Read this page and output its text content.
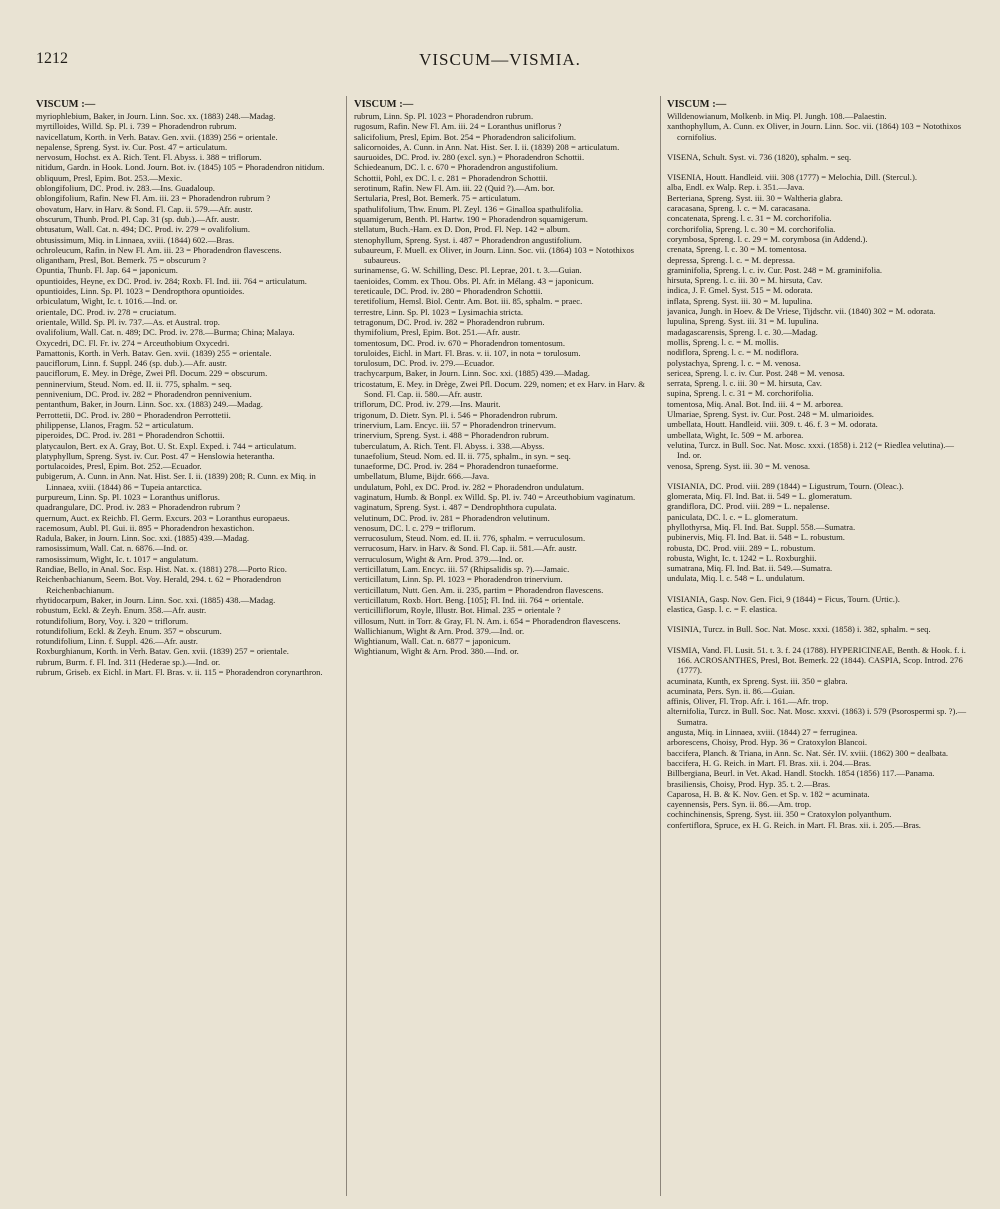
1212	VISCUM—VISMIA.
VISCUM :—

myriophlebium, Baker, in Journ. Linn. Soc. xx. (1883) 248.—Madag.

myrtilloides, Willd. Sp. Pl. i. 739 = Phoradendron rubrum.

navicellatum, Korth. in Verh. Batav. Gen. xvii. (1839) 256 = orientale.

nepalense, Spreng. Syst. iv. Cur. Post. 47 = articulatum.

nervosum, Hochst. ex A. Rich. Tent. Fl. Abyss. i. 388 = triflorum.

nitidum, Gardn. in Hook. Lond. Journ. Bot. iv. (1845) 105 = Phoradendron nitidum.

obliquum, Presl, Epim. Bot. 253.—Mexic.

oblongifolium, DC. Prod. iv. 283.—Ins. Guadaloup.

oblongifolium, Rafin. New Fl. Am. iii. 23 = Phoradendron rubrum ?

obovatum, Harv. in Harv. & Sond. Fl. Cap. ii. 579.—Afr. austr.

obscurum, Thunb. Prod. Pl. Cap. 31 (sp. dub.).—Afr. austr.

obtusatum, Wall. Cat. n. 494; DC. Prod. iv. 279 = ovalifolium.

obtusissimum, Miq. in Linnaea, xviii. (1844) 602.—Bras.

ochroleucum, Rafin. in New Fl. Am. iii. 23 = Phoradendron flavescens.

oligantham, Presl, Bot. Bemerk. 75 = obscurum ?

Opuntia, Thunb. Fl. Jap. 64 = japonicum.

opuntioides, Heyne, ex DC. Prod. iv. 284; Roxb. Fl. Ind. iii. 764 = articulatum.

opuntioides, Linn. Sp. Pl. 1023 = Dendropthora opuntioides.

orbiculatum, Wight, Ic. t. 1016.—Ind. or.

orientale, DC. Prod. iv. 278 = cruciatum.

orientale, Willd. Sp. Pl. iv. 737.—As. et Austral. trop.

ovalifolium, Wall. Cat. n. 489; DC. Prod. iv. 278.—Burma; China; Malaya.

Oxycedri, DC. Fl. Fr. iv. 274 = Arceuthobium Oxycedri.

Pamattonis, Korth. in Verh. Batav. Gen. xvii. (1839) 255 = orientale.

pauciflorum, Linn. f. Suppl. 246 (sp. dub.).—Afr. austr.

pauciflorum, E. Mey. in Drège, Zwei Pfl. Docum. 229 = obscurum.

penninervium, Steud. Nom. ed. II. ii. 775, sphalm. = seq.

pennivenium, DC. Prod. iv. 282 = Phoradendron pennivenium.

pentanthum, Baker, in Journ. Linn. Soc. xx. (1883) 249.—Madag.

Perrottetii, DC. Prod. iv. 280 = Phoradendron Perrottetii.

philippense, Llanos, Fragm. 52 = articulatum.

piperoides, DC. Prod. iv. 281 = Phoradendron Schottii.

platycaulon, Bert. ex A. Gray, Bot. U. St. Expl. Exped. i. 744 = articulatum.

platyphyllum, Spreng. Syst. iv. Cur. Post. 47 = Henslowia heterantha.

portulacoides, Presl, Epim. Bot. 252.—Ecuador.

pubigerum, A. Cunn. in Ann. Nat. Hist. Ser. I. ii. (1839) 208; R. Cunn. ex Miq. in Linnaea, xviii. (1844) 86 = Tupeia antarctica.

purpureum, Linn. Sp. Pl. 1023 = Loranthus uniflorus.

quadrangulare, DC. Prod. iv. 283 = Phoradendron rubrum ?

quernum, Auct. ex Reichb. Fl. Germ. Excurs. 203 = Loranthus europaeus.

racemosum, Aubl. Pl. Gui. ii. 895 = Phoradendron hexastichon.

Radula, Baker, in Journ. Linn. Soc. xxi. (1885) 439.—Madag.

ramosissimum, Wall. Cat. n. 6876.—Ind. or.

ramosissimum, Wight, Ic. t. 1017 = angulatum.

Randiae, Bello, in Anal. Soc. Esp. Hist. Nat. x. (1881) 278.—Porto Rico.

Reichenbachianum, Seem. Bot. Voy. Herald, 294. t. 62 = Phoradendron Reichenbachianum.

rhytidocarpum, Baker, in Journ. Linn. Soc. xxi. (1885) 438.—Madag.

robustum, Eckl. & Zeyh. Enum. 358.—Afr. austr.

rotundifolium, Bory, Voy. i. 320 = triflorum.

rotundifolium, Eckl. & Zeyh. Enum. 357 = obscurum.

rotundifolium, Linn. f. Suppl. 426.—Afr. austr.

Roxburghianum, Korth. in Verh. Batav. Gen. xvii. (1839) 257 = orientale.

rubrum, Burm. f. Fl. Ind. 311 (Hederae sp.).—Ind. or.

rubrum, Griseb. ex Eichl. in Mart. Fl. Bras. v. ii. 115 = Phoradendron corynarthron.

VISCUM :—

rubrum, Linn. Sp. Pl. 1023 = Phoradendron rubrum.

rugosum, Rafin. New Fl. Am. iii. 24 = Loranthus uniflorus ?

salicifolium, Presl, Epim. Bot. 254 = Phoradendron salicifolium.

salicornoides, A. Cunn. in Ann. Nat. Hist. Ser. I. ii. (1839) 208 = articulatum.

sauruoides, DC. Prod. iv. 280 (excl. syn.) = Phoradendron Schottii.

Schiedeanum, DC. l. c. 670 = Phoradendron angustifolium.

Schottii, Pohl, ex DC. l. c. 281 = Phoradendron Schottii.

serotinum, Rafin. New Fl. Am. iii. 22 (Quid ?).—Am. bor.

Sertularia, Presl, Bot. Bemerk. 75 = articulatum.

spathulifolium, Thw. Enum. Pl. Zeyl. 136 = Ginalloa spathulifolia.

squamigerum, Benth. Pl. Hartw. 190 = Phoradendron squamigerum.

stellatum, Buch.-Ham. ex D. Don, Prod. Fl. Nep. 142 = album.

stenophyllum, Spreng. Syst. i. 487 = Phoradendron angustifolium.

subaureum, F. Muell. ex Oliver, in Journ. Linn. Soc. vii. (1864) 103 = Notothixos subaureus.

surinamense, G. W. Schilling, Desc. Pl. Leprae, 201. t. 3.—Guian.

taenioides, Comm. ex Thou. Obs. Pl. Afr. in Mélang. 43 = japonicum.

tereticaule, DC. Prod. iv. 280 = Phoradendron Schottii.

teretifolium, Hemsl. Biol. Centr. Am. Bot. iii. 85, sphalm. = praec.

terrestre, Linn. Sp. Pl. 1023 = Lysimachia stricta.

tetragonum, DC. Prod. iv. 282 = Phoradendron rubrum.

thymifolium, Presl, Epim. Bot. 251.—Afr. austr.

tomentosum, DC. Prod. iv. 670 = Phoradendron tomentosum.

toruloides, Eichl. in Mart. Fl. Bras. v. ii. 107, in nota = torulosum.

torulosum, DC. Prod. iv. 279.—Ecuador.

trachycarpum, Baker, in Journ. Linn. Soc. xxi. (1885) 439.—Madag.

tricostatum, E. Mey. in Drège, Zwei Pfl. Docum. 229, nomen; et ex Harv. in Harv. & Sond. Fl. Cap. ii. 580.—Afr. austr.

triflorum, DC. Prod. iv. 279.—Ins. Maurit.

trigonum, D. Dietr. Syn. Pl. i. 546 = Phoradendron rubrum.

trinervium, Lam. Encyc. iii. 57 = Phoradendron trinervum.

trinervium, Spreng. Syst. i. 488 = Phoradendron rubrum.

tuberculatum, A. Rich. Tent. Fl. Abyss. i. 338.—Abyss.

tunaefolium, Steud. Nom. ed. II. ii. 775, sphalm., in syn. = seq.

tunaeforme, DC. Prod. iv. 284 = Phoradendron tunaeforme.

umbellatum, Blume, Bijdr. 666.—Java.

undulatum, Pohl, ex DC. Prod. iv. 282 = Phoradendron undulatum.

vaginatum, Humb. & Bonpl. ex Willd. Sp. Pl. iv. 740 = Arceuthobium vaginatum.

vaginatum, Spreng. Syst. i. 487 = Dendrophthora cupulata.

velutinum, DC. Prod. iv. 281 = Phoradendron velutinum.

venosum, DC. l. c. 279 = triflorum.

verrucosulum, Steud. Nom. ed. II. ii. 776, sphalm. = verruculosum.

verrucosum, Harv. in Harv. & Sond. Fl. Cap. ii. 581.—Afr. austr.

verruculosum, Wight & Arn. Prod. 379.—Ind. or.

verticillatum, Lam. Encyc. iii. 57 (Rhipsalidis sp. ?).—Jamaic.

verticillatum, Linn. Sp. Pl. 1023 = Phoradendron trinervium.

verticillatum, Nutt. Gen. Am. ii. 235, partim = Phoradendron flavescens.

verticillatum, Roxb. Hort. Beng. [105]; Fl. Ind. iii. 764 = orientale.

verticilliflorum, Royle, Illustr. Bot. Himal. 235 = orientale ?

villosum, Nutt. in Torr. & Gray, Fl. N. Am. i. 654 = Phoradendron flavescens.

Wallichianum, Wight & Arn. Prod. 379.—Ind. or.

Wightianum, Wall. Cat. n. 6877 = japonicum.

Wightianum, Wight & Arn. Prod. 380.—Ind. or.

VISCUM :—

Willdenowianum, Molkenb. in Miq. Pl. Jungh. 108.—Palaestin.

xanthophyllum, A. Cunn. ex Oliver, in Journ. Linn. Soc. vii. (1864) 103 = Notothixos cornifolius.

VISENA, Schult. Syst. vi. 736 (1820), sphalm. = seq.

VISENIA, Houtt. Handleid. viii. 308 (1777) = Melochia, Dill. (Stercul.).

alba, Endl. ex Walp. Rep. i. 351.—Java.

Berteriana, Spreng. Syst. iii. 30 = Waltheria glabra.

caracasana, Spreng. l. c. = M. caracasana.

concatenata, Spreng. l. c. 31 = M. corchorifolia.

corchorifolia, Spreng. l. c. 30 = M. corchorifolia.

corymbosa, Spreng. l. c. 29 = M. corymbosa (in Addend.).

crenata, Spreng. l. c. 30 = M. tomentosa.

depressa, Spreng. l. c. = M. depressa.

graminifolia, Spreng. l. c. iv. Cur. Post. 248 = M. graminifolia.

hirsuta, Spreng. l. c. iii. 30 = M. hirsuta, Cav.

indica, J. F. Gmel. Syst. 515 = M. odorata.

inflata, Spreng. Syst. iii. 30 = M. lupulina.

javanica, Jungh. in Hoev. & De Vriese, Tijdschr. vii. (1840) 302 = M. odorata.

lupulina, Spreng. Syst. iii. 31 = M. lupulina.

madagascarensis, Spreng. l. c. 30.—Madag.

mollis, Spreng. l. c. = M. mollis.

nodiflora, Spreng. l. c. = M. nodiflora.

polystachya, Spreng. l. c. = M. venosa.

sericea, Spreng. l. c. iv. Cur. Post. 248 = M. venosa.

serrata, Spreng. l. c. iii. 30 = M. hirsuta, Cav.

supina, Spreng. l. c. 31 = M. corchorifolia.

tomentosa, Miq. Anal. Bot. Ind. iii. 4 = M. arborea.

Ulmariae, Spreng. Syst. iv. Cur. Post. 248 = M. ulmarioides.

umbellata, Houtt. Handleid. viii. 309. t. 46. f. 3 = M. odorata.

umbellata, Wight, Ic. 509 = M. arborea.

velutina, Turcz. in Bull. Soc. Nat. Mosc. xxxi. (1858) i. 212 (= Riedlea velutina).—Ind. or.

venosa, Spreng. Syst. iii. 30 = M. venosa.

VISIANIA, DC. Prod. viii. 289 (1844) = Ligustrum, Tourn. (Oleac.).

glomerata, Miq. Fl. Ind. Bat. ii. 549 = L. glomeratum.

grandiflora, DC. Prod. viii. 289 = L. nepalense.

paniculata, DC. l. c. = L. glomeratum.

phyllothyrsa, Miq. Fl. Ind. Bat. Suppl. 558.—Sumatra.

pubinervis, Miq. Fl. Ind. Bat. ii. 548 = L. robustum.

robusta, DC. Prod. viii. 289 = L. robustum.

robusta, Wight, Ic. t. 1242 = L. Roxburghii.

sumatrana, Miq. Fl. Ind. Bat. ii. 549.—Sumatra.

undulata, Miq. l. c. 548 = L. undulatum.

VISIANIA, Gasp. Nov. Gen. Fici, 9 (1844) = Ficus, Tourn. (Urtic.).

elastica, Gasp. l. c. = F. elastica.

VISINIA, Turcz. in Bull. Soc. Nat. Mosc. xxxi. (1858) i. 382, sphalm. = seq.

VISMIA, Vand. Fl. Lusit. 51. t. 3. f. 24 (1788). HYPERICINEAE, Benth. & Hook. f. i. 166. ACROSANTHES, Presl, Bot. Bemerk. 22 (1844). CASPIA, Scop. Introd. 276 (1777).

acuminata, Kunth, ex Spreng. Syst. iii. 350 = glabra.

acuminata, Pers. Syn. ii. 86.—Guian.

affinis, Oliver, Fl. Trop. Afr. i. 161.—Afr. trop.

alternifolia, Turcz. in Bull. Soc. Nat. Mosc. xxxvi. (1863) i. 579 (Psorospermi sp. ?).—Sumatra.

angusta, Miq. in Linnaea, xviii. (1844) 27 = ferruginea.

arborescens, Choisy, Prod. Hyp. 36 = Cratoxylon Blancoi.

baccifera, Planch. & Triana, in Ann. Sc. Nat. Sér. IV. xviii. (1862) 300 = dealbata.

baccifera, H. G. Reich. in Mart. Fl. Bras. xii. i. 204.—Bras.

Billbergiana, Beurl. in Vet. Akad. Handl. Stockh. 1854 (1856) 117.—Panama.

brasiliensis, Choisy, Prod. Hyp. 35. t. 2.—Bras.

Caparosa, H. B. & K. Nov. Gen. et Sp. v. 182 = acuminata.

cayennensis, Pers. Syn. ii. 86.—Am. trop.

cochinchinensis, Spreng. Syst. iii. 350 = Cratoxylon polyanthum.

confertiflora, Spruce, ex H. G. Reich. in Mart. Fl. Bras. xii. i. 205.—Bras.
